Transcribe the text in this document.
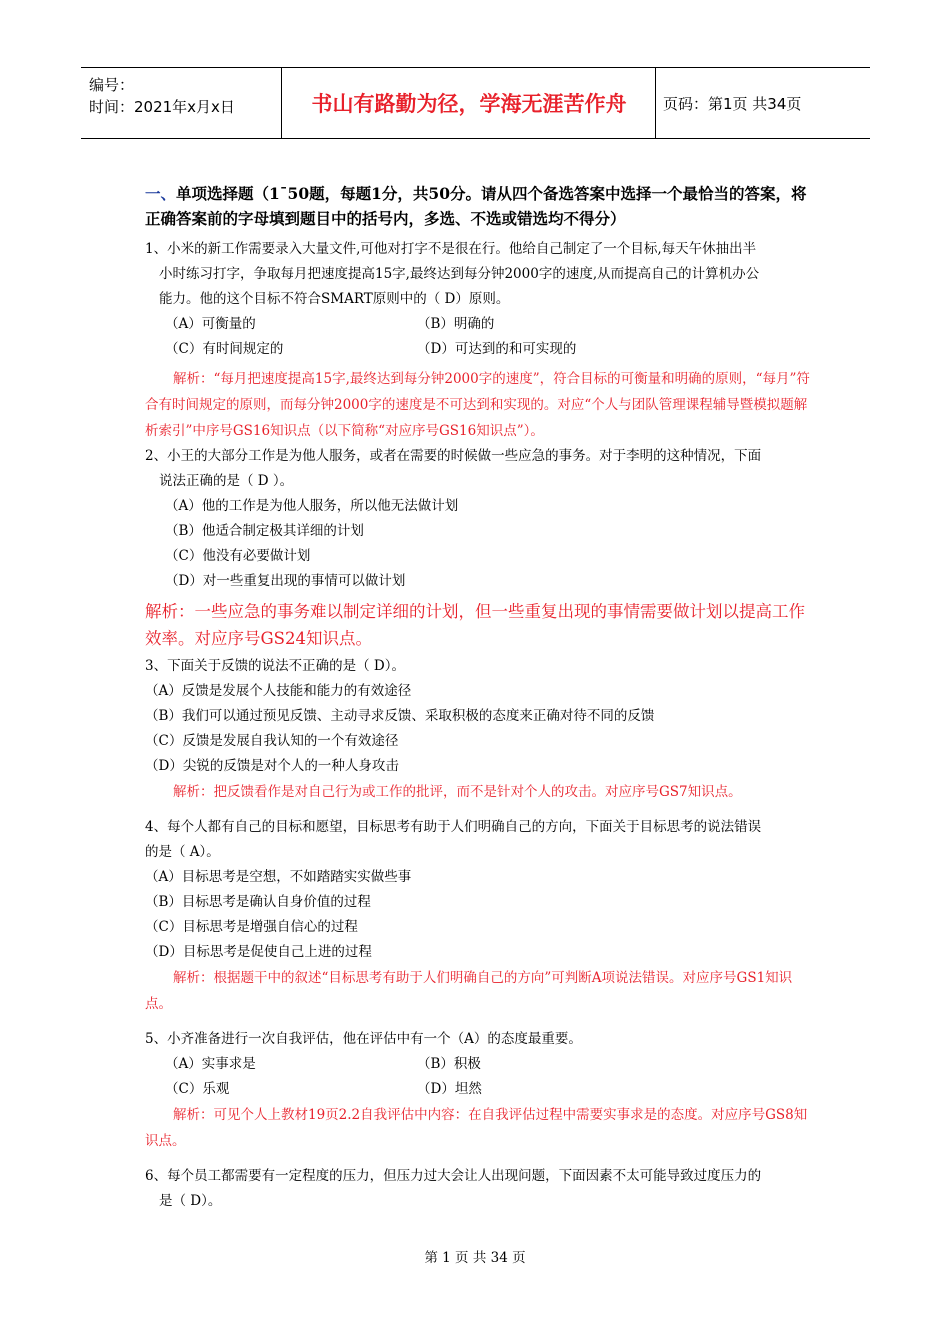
编号：
时间：2021年x月x日	书山有路勤为径，学海无涯苦作舟	页码：第1页 共34页

一、单项选择题（1¯50题，每题1分，共50分。请从四个备选答案中选择一个最恰当的答案，将正确答案前的字母填到题目中的括号内，多选、不选或错选均不得分）

1、小米的新工作需要录入大量文件,可他对打字不是很在行。他给自己制定了一个目标,每天午休抽出半

小时练习打字，争取每月把速度提高15字,最终达到每分钟2000字的速度,从而提高自己的计算机办公

能力。他的这个目标不符合SMART原则中的（ D）原则。

（A）可衡量的	（B）明确的
（C）有时间规定的	（D）可达到的和可实现的

解析：“每月把速度提高15字,最终达到每分钟2000字的速度”，符合目标的可衡量和明确的原则，“每月”符合有时间规定的原则，而每分钟2000字的速度是不可达到和实现的。对应“个人与团队管理课程辅导暨模拟题解析索引”中序号GS16知识点（以下简称“对应序号GS16知识点”）。

2、小王的大部分工作是为他人服务，或者在需要的时候做一些应急的事务。对于李明的这种情况，下面

说法正确的是（ D ）。

（A）他的工作是为他人服务，所以他无法做计划

（B）他适合制定极其详细的计划

（C）他没有必要做计划

（D）对一些重复出现的事情可以做计划

解析：一些应急的事务难以制定详细的计划，但一些重复出现的事情需要做计划以提高工作效率。对应序号GS24知识点。

3、下面关于反馈的说法不正确的是（ D）。

（A）反馈是发展个人技能和能力的有效途径

（B）我们可以通过预见反馈、主动寻求反馈、采取积极的态度来正确对待不同的反馈

（C）反馈是发展自我认知的一个有效途径

（D）尖锐的反馈是对个人的一种人身攻击

解析：把反馈看作是对自己行为或工作的批评，而不是针对个人的攻击。对应序号GS7知识点。

4、每个人都有自己的目标和愿望，目标思考有助于人们明确自己的方向，下面关于目标思考的说法错误

的是（ A）。

（A）目标思考是空想，不如踏踏实实做些事

（B）目标思考是确认自身价值的过程

（C）目标思考是增强自信心的过程

（D）目标思考是促使自己上进的过程

解析：根据题干中的叙述“目标思考有助于人们明确自己的方向”可判断A项说法错误。对应序号GS1知识点。

5、小齐准备进行一次自我评估，他在评估中有一个（A）的态度最重要。

（A）实事求是	（B）积极
（C）乐观	（D）坦然

解析：可见个人上教材19页2.2自我评估中内容：在自我评估过程中需要实事求是的态度。对应序号GS8知识点。

6、每个员工都需要有一定程度的压力，但压力过大会让人出现问题，下面因素不太可能导致过度压力的

是（ D）。

第 1 页 共 34 页
